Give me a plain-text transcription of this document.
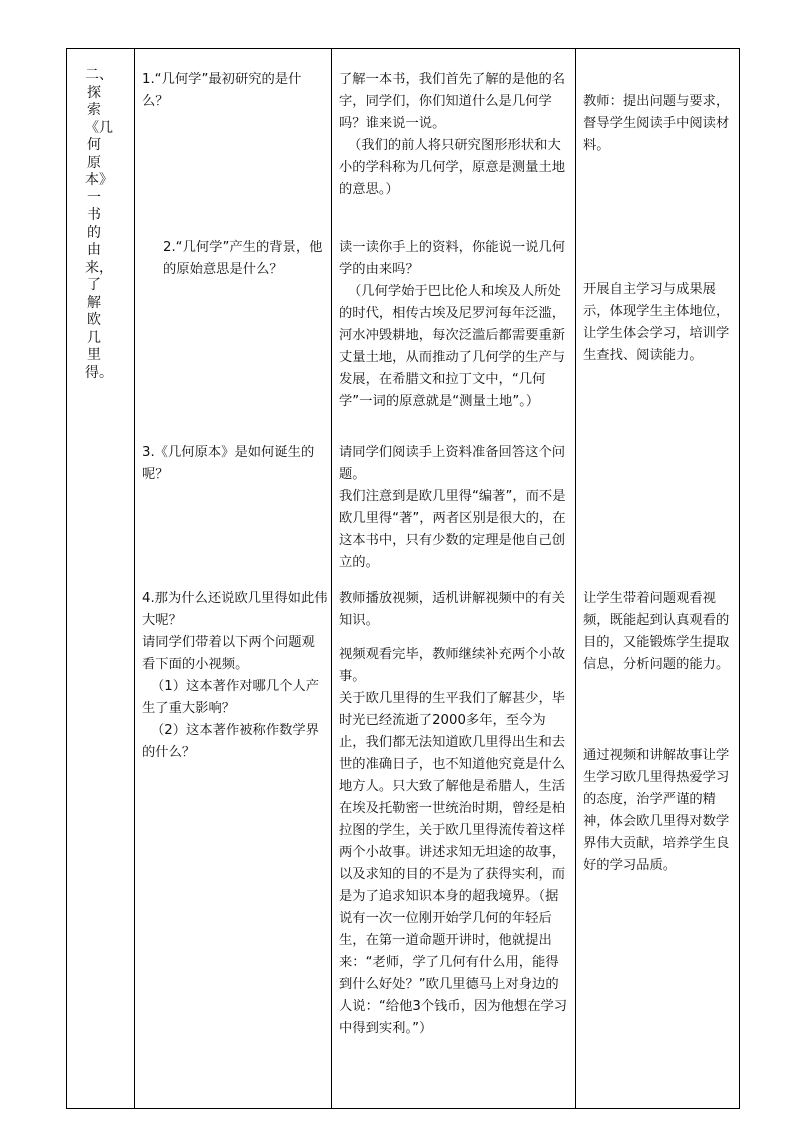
二、探索《几何原本》一书的由来，了解欧几里得。
1.“几何学”最初研究的是什么？
2.“几何学”产生的背景，他的原始意思是什么？
3.《几何原本》是如何诞生的呢？

4.那为什么还说欧几里得如此伟大呢？

请同学们带着以下两个问题观看下面的小视频。

（1）这本著作对哪几个人产生了重大影响？

（2）这本著作被称作数学界的什么？

了解一本书，我们首先了解的是他的名字，同学们，你们知道什么是几何学吗？谁来说一说。

（我们的前人将只研究图形形状和大小的学科称为几何学，原意是测量土地的意思。）

读一读你手上的资料，你能说一说几何学的由来吗？

（几何学始于巴比伦人和埃及人所处的时代，相传古埃及尼罗河每年泛滥，河水冲毁耕地，每次泛滥后都需要重新丈量土地，从而推动了几何学的生产与发展，在希腊文和拉丁文中，“几何学”一词的原意就是“测量土地”。）

请同学们阅读手上资料准备回答这个问题。

我们注意到是欧几里得“编著”，而不是欧几里得“著”，两者区别是很大的，在这本书中，只有少数的定理是他自己创立的。

教师播放视频，适机讲解视频中的有关知识。

视频观看完毕，教师继续补充两个小故事。

关于欧几里得的生平我们了解甚少，毕时光已经流逝了2000多年，至今为止，我们都无法知道欧几里得出生和去世的准确日子，也不知道他究竟是什么地方人。只大致了解他是希腊人，生活在埃及托勒密一世统治时期，曾经是柏拉图的学生，关于欧几里得流传着这样两个小故事。讲述求知无坦途的故事，以及求知的目的不是为了获得实利，而是为了追求知识本身的超我境界。（据说有一次一位刚开始学几何的年轻后生，在第一道命题开讲时，他就提出来：“老师，学了几何有什么用，能得到什么好处？”欧几里德马上对身边的人说：“给他3个钱币，因为他想在学习中得到实利。”）

教师：提出问题与要求，督导学生阅读手中阅读材料。
开展自主学习与成果展示，体现学生主体地位，让学生体会学习，培训学生查找、阅读能力。
让学生带着问题观看视频，既能起到认真观看的目的，又能锻炼学生提取信息，分析问题的能力。
通过视频和讲解故事让学生学习欧几里得热爱学习的态度，治学严谨的精神，体会欧几里得对数学界伟大贡献，培养学生良好的学习品质。
